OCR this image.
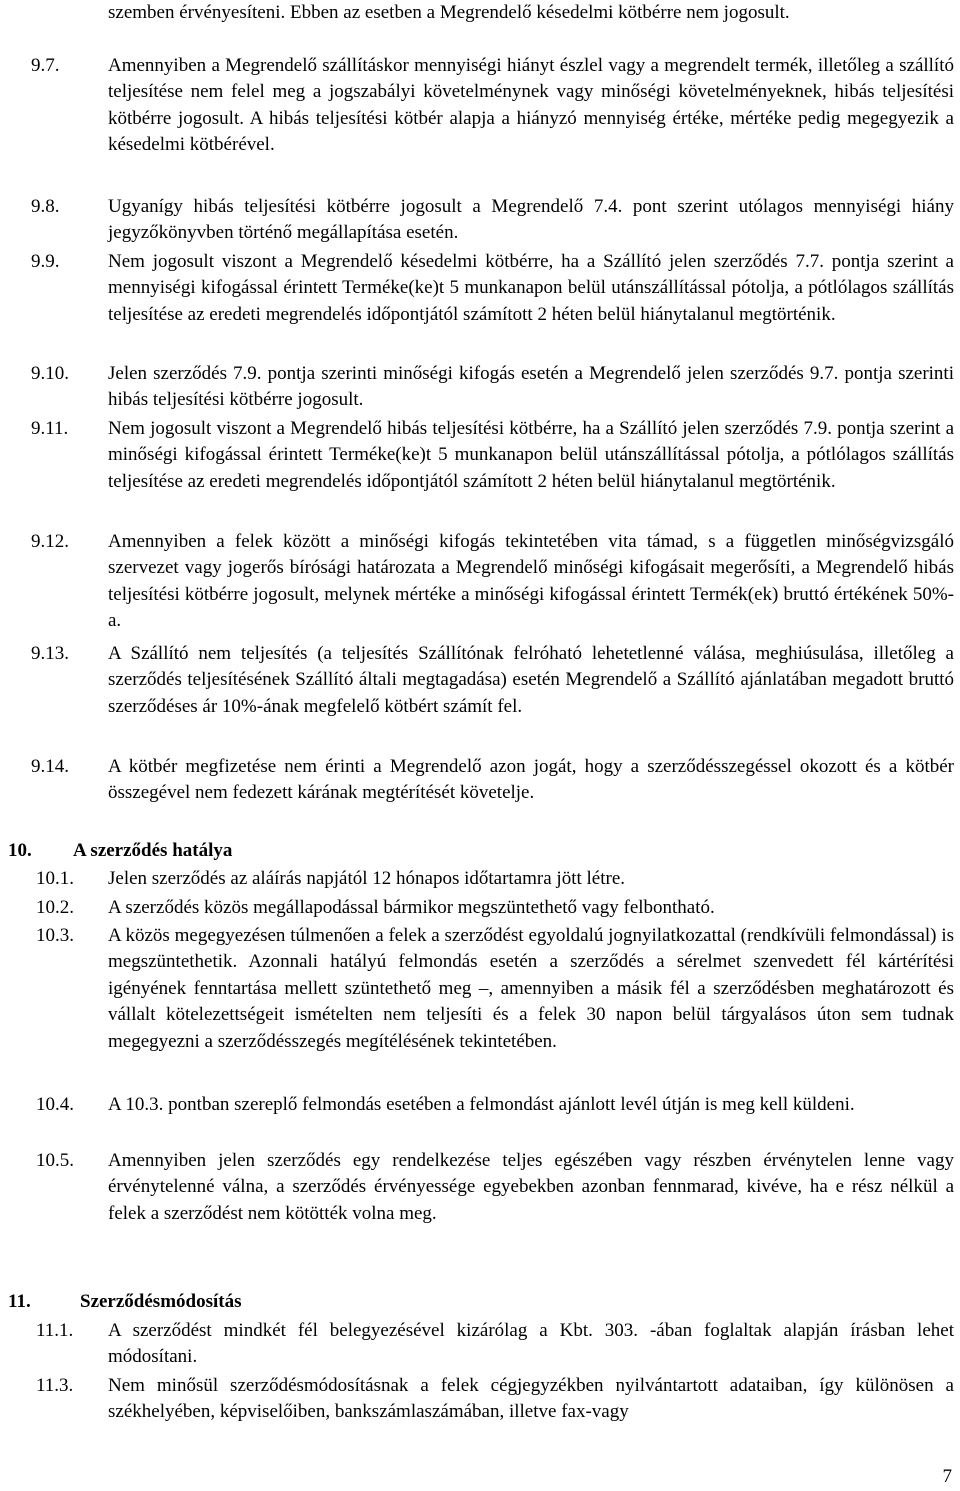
szemben érvényesíteni. Ebben az esetben a Megrendelő késedelmi kötbérre nem jogosult.
9.7.	Amennyiben a Megrendelő szállításkor mennyiségi hiányt észlel vagy a megrendelt termék, illetőleg a szállító teljesítése nem felel meg a jogszabályi követelménynek vagy minőségi követelményeknek, hibás teljesítési kötbérre jogosult. A hibás teljesítési kötbér alapja a hiányzó mennyiség értéke, mértéke pedig megegyezik a késedelmi kötbérével.
9.8.	Ugyanígy hibás teljesítési kötbérre jogosult a Megrendelő 7.4. pont szerint utólagos mennyiségi hiány jegyzőkönyvben történő megállapítása esetén.
9.9.	Nem jogosult viszont a Megrendelő késedelmi kötbérre, ha a Szállító jelen szerződés 7.7. pontja szerint a mennyiségi kifogással érintett Terméke(ke)t 5 munkanapon belül utánszállítással pótolja, a pótlólagos szállítás teljesítése az eredeti megrendelés időpontjától számított 2 héten belül hiánytalanul megtörténik.
9.10. Jelen szerződés 7.9. pontja szerinti minőségi kifogás esetén a Megrendelő jelen szerződés 9.7. pontja szerinti hibás teljesítési kötbérre jogosult.
9.11. Nem jogosult viszont a Megrendelő hibás teljesítési kötbérre, ha a Szállító jelen szerződés 7.9. pontja szerint a minőségi kifogással érintett Terméke(ke)t 5 munkanapon belül utánszállítással pótolja, a pótlólagos szállítás teljesítése az eredeti megrendelés időpontjától számított 2 héten belül hiánytalanul megtörténik.
9.12. Amennyiben a felek között a minőségi kifogás tekintetében vita támad, s a független minőségvizsgáló szervezet vagy jogerős bírósági határozata a Megrendelő minőségi kifogásait megerősíti, a Megrendelő hibás teljesítési kötbérre jogosult, melynek mértéke a minőségi kifogással érintett Termék(ek) bruttó értékének 50%-a.
9.13. A Szállító nem teljesítés (a teljesítés Szállítónak felróható lehetetlenné válása, meghiúsulása, illetőleg a szerződés teljesítésének Szállító általi megtagadása) esetén Megrendelő a Szállító ajánlatában megadott bruttó szerződéses ár 10%-ának megfelelő kötbért számít fel.
9.14. A kötbér megfizetése nem érinti a Megrendelő azon jogát, hogy a szerződésszegéssel okozott és a kötbér összegével nem fedezett kárának megtérítését követelje.
10. A szerződés hatálya
10.1. Jelen szerződés az aláírás napjától 12 hónapos időtartamra jött létre.
10.2. A szerződés közös megállapodással bármikor megszüntethető vagy felbontható.
10.3. A közös megegyezésen túlmenően a felek a szerződést egyoldalú jognyilatkozattal (rendkívüli felmondással) is megszüntethetik. Azonnali hatályú felmondás esetén a szerződés a sérelmet szenvedett fél kártérítési igényének fenntartása mellett szüntethető meg –, amennyiben a másik fél a szerződésben meghatározott és vállalt kötelezettségeit ismételten nem teljesíti és a felek 30 napon belül tárgyalásos úton sem tudnak megegyezni a szerződésszegés megítélésének tekintetében.
10.4. A 10.3. pontban szereplő felmondás esetében a felmondást ajánlott levél útján is meg kell küldeni.
10.5. Amennyiben jelen szerződés egy rendelkezése teljes egészében vagy részben érvénytelen lenne vagy érvénytelenné válna, a szerződés érvényessége egyebekben azonban fennmarad, kivéve, ha e rész nélkül a felek a szerződést nem kötötték volna meg.
11.	Szerződésmódosítás
11.1. A szerződést mindkét fél belegyezésével kizárólag a Kbt. 303. -ában foglaltak alapján írásban lehet módosítani.
11.3. Nem minősül szerződésmódosításnak a felek cégjegyzékben nyilvántartott adataiban, így különösen a székhelyében, képviselőiben, bankszámlaszámában, illetve fax-vagy
7
